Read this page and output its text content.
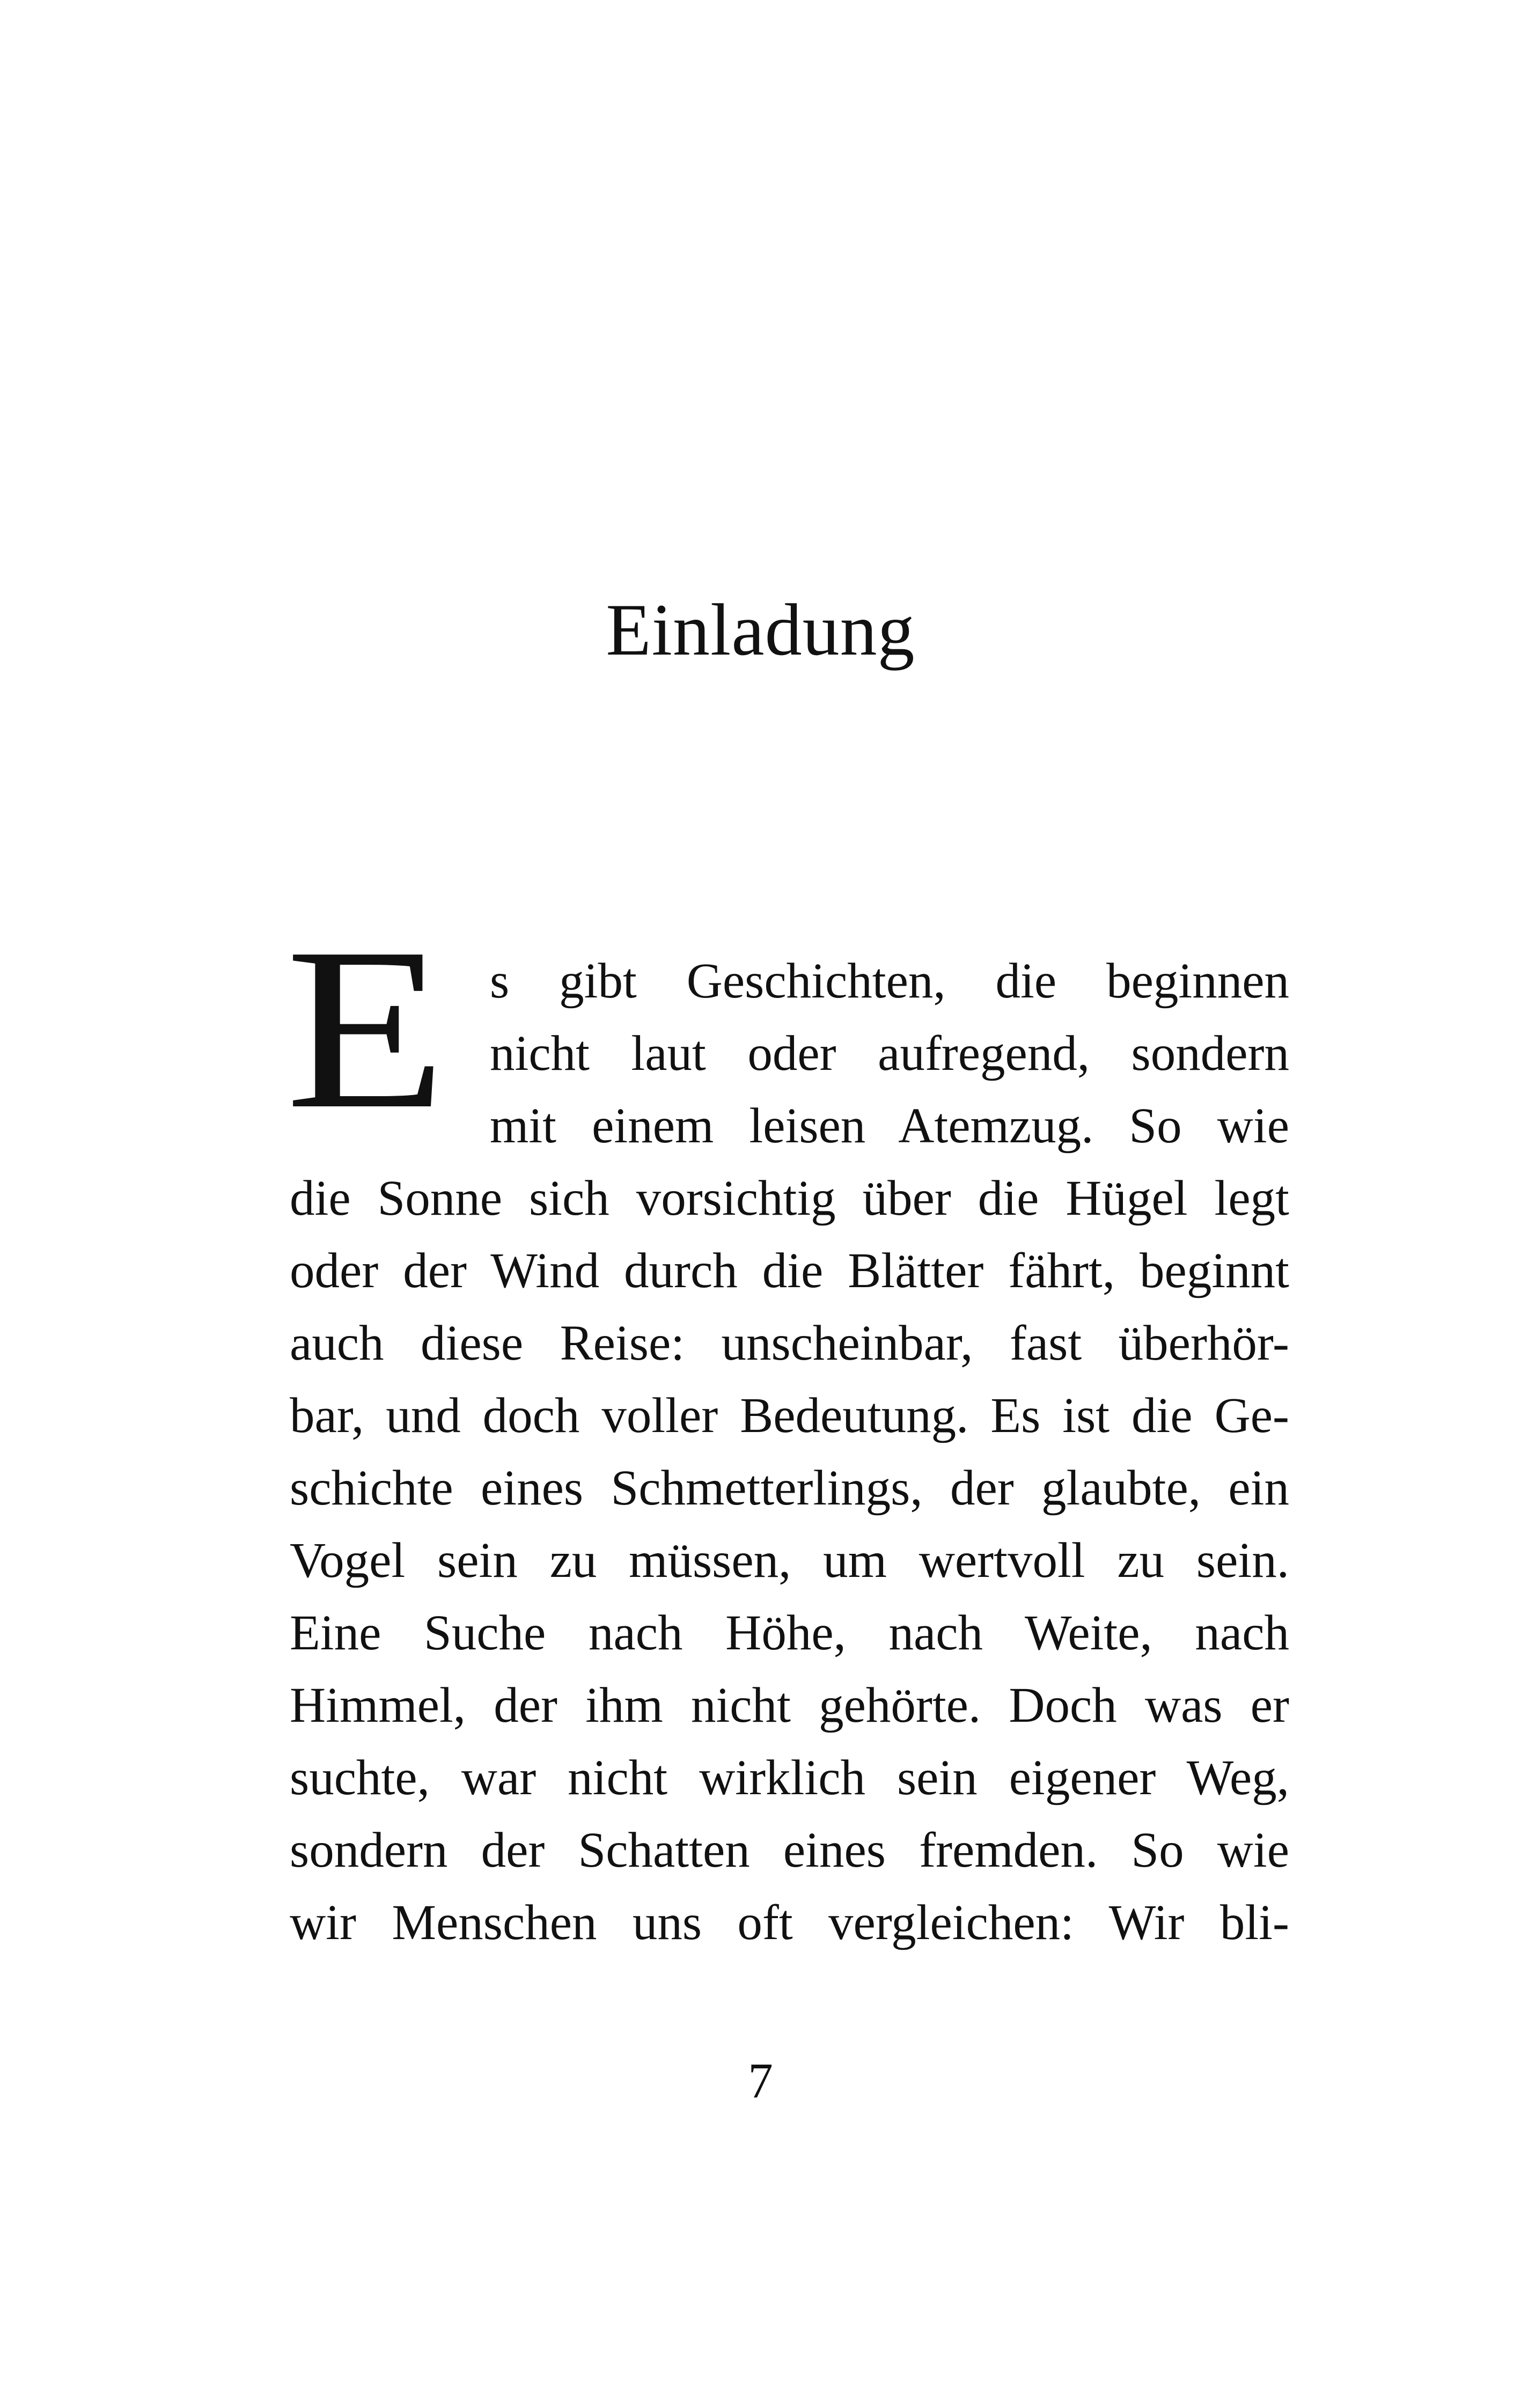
Einladung
E s gibt Geschichten, die beginnen
nicht laut oder aufregend, sondern
mit einem leisen Atemzug. So wie
die Sonne sich vorsichtig über die Hügel legt
oder der Wind durch die Blätter fährt, beginnt
auch diese Reise: unscheinbar, fast überhör-
bar, und doch voller Bedeutung. Es ist die Ge-
schichte eines Schmetterlings, der glaubte, ein
Vogel sein zu müssen, um wertvoll zu sein.
Eine Suche nach Höhe, nach Weite, nach
Himmel, der ihm nicht gehörte. Doch was er
suchte, war nicht wirklich sein eigener Weg,
sondern der Schatten eines fremden. So wie
wir Menschen uns oft vergleichen: Wir bli-
7
